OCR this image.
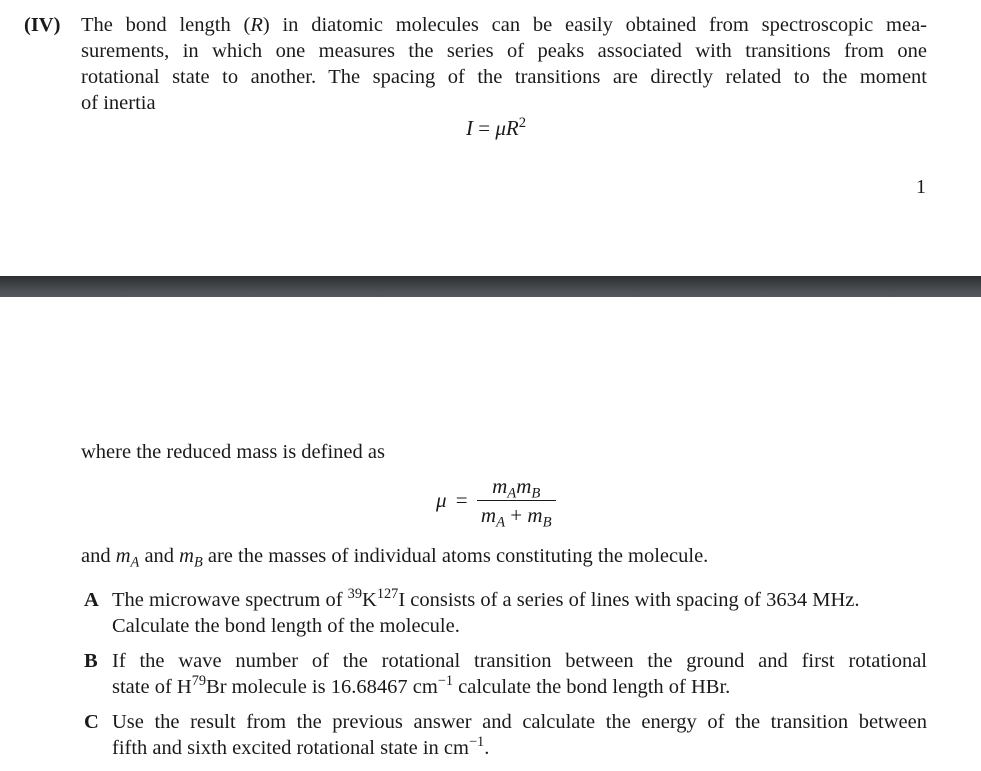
(IV) The bond length (R) in diatomic molecules can be easily obtained from spectroscopic mea-
surements, in which one measures the series of peaks associated with transitions from one
rotational state to another. The spacing of the transitions are directly related to the moment
of inertia
$I = \mu R^2$
1
where the reduced mass is defined as
$\mu = \frac{m_Am_B}{m_A + m_B}$
and $m_A$ and $m_B$ are the masses of individual atoms constituting the molecule.
A The microwave spectrum of $^{39}K^{127}I$ consists of a series of lines with spacing of 3634 MHz.
Calculate the bond length of the molecule.
B If the wave number of the rotational transition between the ground and first rotational
state of $H^{79}Br$ molecule is 16.68467 $cm^{-1}$ calculate the bond length of HBr.
C Use the result from the previous answer and calculate the energy of the transition between
fifth and sixth excited rotational state in $cm^{-1}$.
